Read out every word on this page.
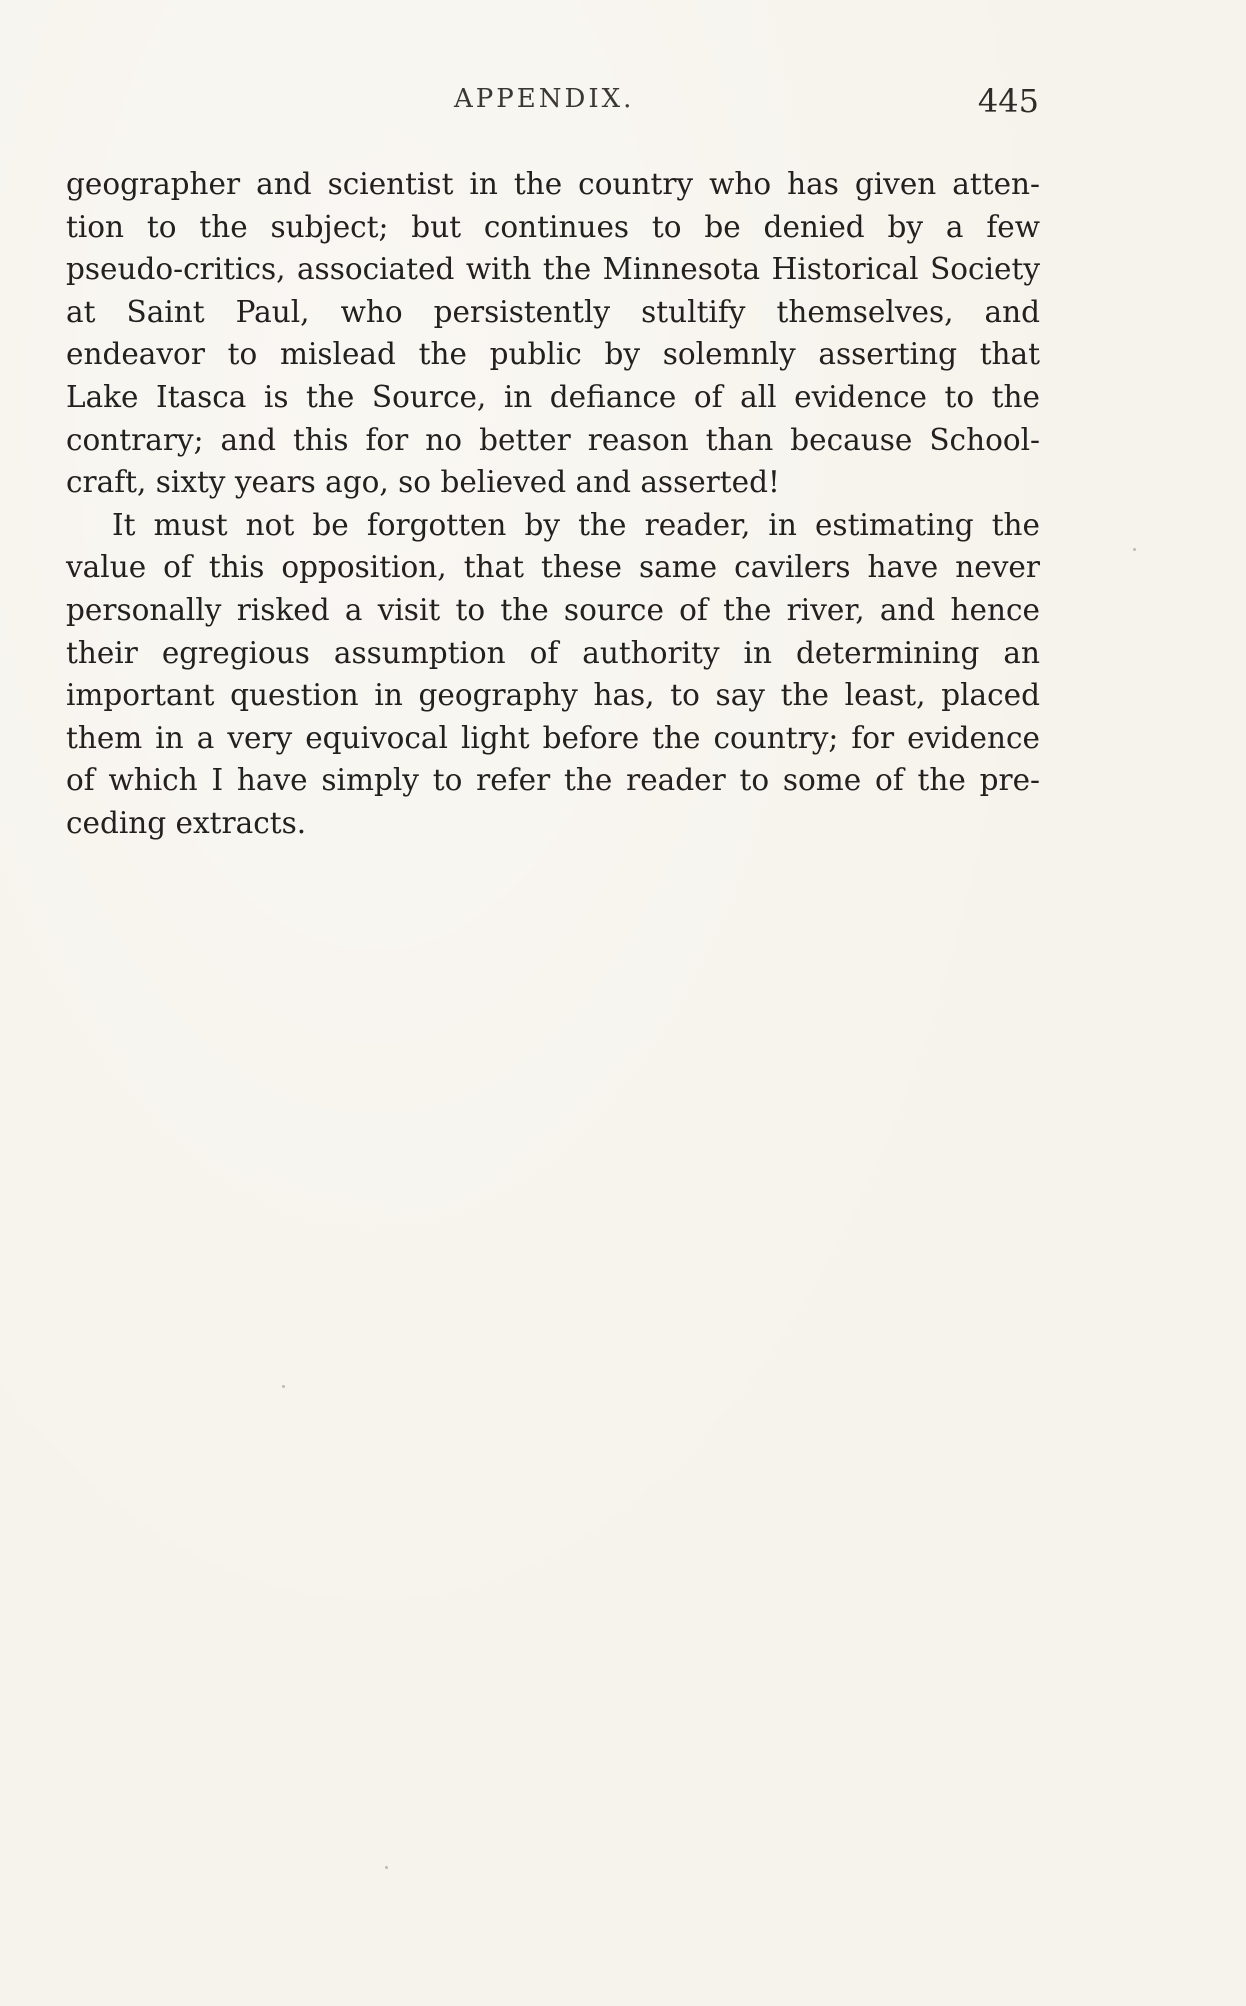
APPENDIX.	445
geographer and scientist in the country who has given atten-
tion to the subject; but continues to be denied by a few
pseudo-critics, associated with the Minnesota Historical Society
at Saint Paul, who persistently stultify themselves, and
endeavor to mislead the public by solemnly asserting that
Lake Itasca is the Source, in defiance of all evidence to the
contrary; and this for no better reason than because School-
craft, sixty years ago, so believed and asserted!
It must not be forgotten by the reader, in estimating the
value of this opposition, that these same cavilers have never
personally risked a visit to the source of the river, and hence
their egregious assumption of authority in determining an
important question in geography has, to say the least, placed
them in a very equivocal light before the country; for evidence
of which I have simply to refer the reader to some of the pre-
ceding extracts.
